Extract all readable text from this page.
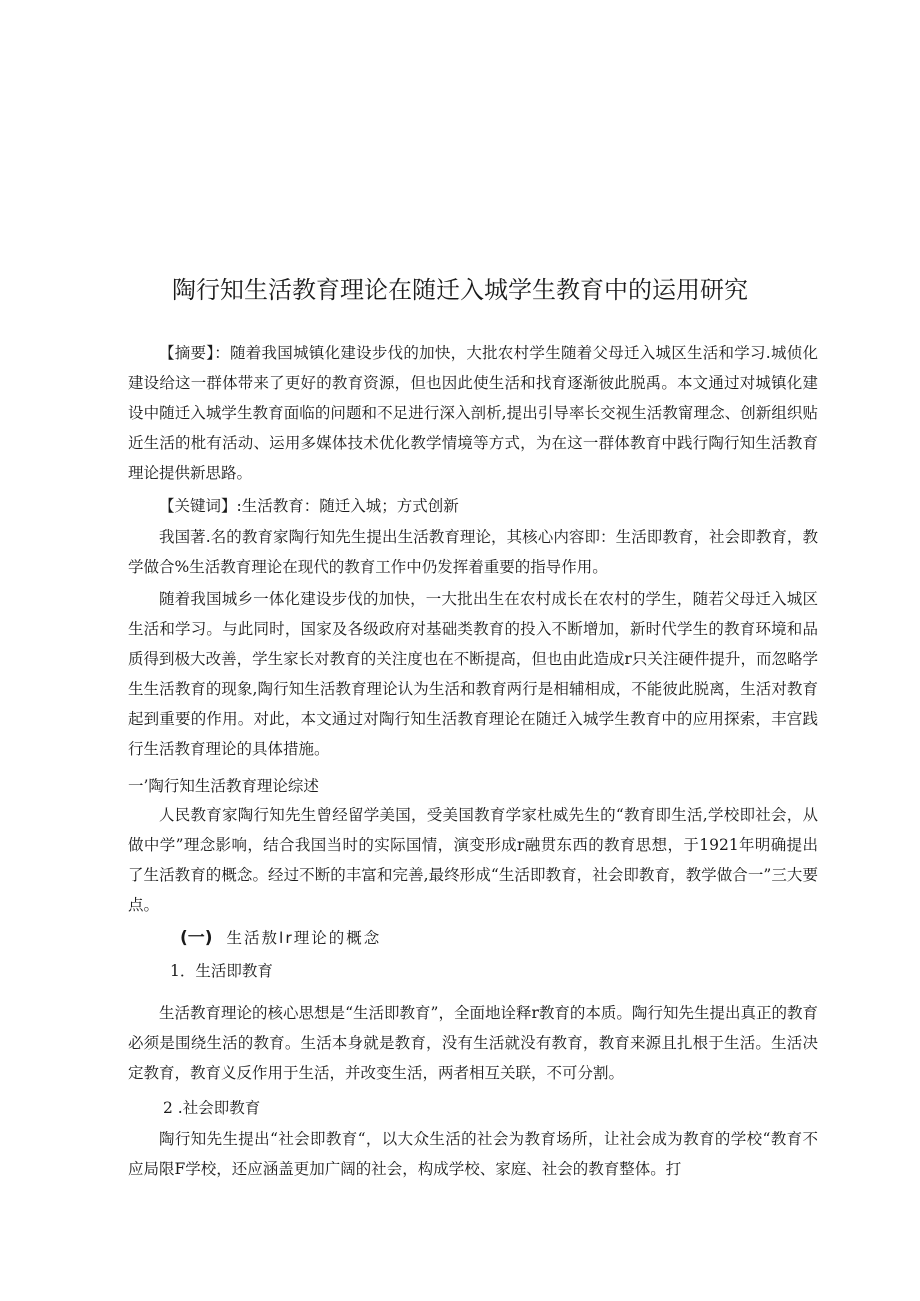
陶行知生活教育理论在随迁入城学生教育中的运用研究

【摘要】：随着我国城镇化建设步伐的加快，大批农村学生随着父母迁入城区生活和学习.城侦化建设给这一群体带来了更好的教育资源，但也因此使生活和找育逐渐彼此脱禹。本文通过对城镇化建设中随迁入城学生教育面临的问题和不足进行深入剖析,提出引导率长交视生活教甯理念、创新组织贴近生活的枇有活动、运用多媒体技术优化教学情境等方式，为在这一群体教育中践行陶行知生活教育理论提供新思路。

【关键词】:生活教育：随迁入城；方式创新

我国著.名的教育家陶行知先生提出生活教育理论，其核心内容即：生活即教育，社会即教育，教学做合%生活教育理论在现代的教育工作中仍发挥着重要的指导作用。

随着我国城乡一体化建设步伐的加快，一大批出生在农村成长在农村的学生，随若父母迁入城区生活和学习。与此同时，国家及各级政府对基础类教育的投入不断增加，新时代学生的教育环境和品质得到极大改善，学生家长对教育的关注度也在不断提高，但也由此造成r只关注硬件提升，而忽略学生生活教育的现象,陶行知生活教育理论认为生活和教育两行是相辅相成，不能彼此脱离，生活对教育起到重要的作用。对此，本文通过对陶行知生活教育理论在随迁入城学生教育中的应用探索，丰宫践行生活教育理论的具体措施。

一’陶行知生活教育理论综述

人民教育家陶行知先生曾经留学美国，受美国教育学家杜威先生的“教育即生活,学校即社会，从做中学”理念影响，结合我国当时的实际国情，演变形成r融贯东西的教育思想，于1921年明确提出了生活教育的概念。经过不断的丰富和完善,最终形成“生活即教育，社会即教育，教学做合一”三大要点。

(一) 生活敖lr理论的概念

1．生活即教育

生活教育理论的核心思想是“生活即教育”，全面地诠释r教育的本质。陶行知先生提出真正的教育必须是围绕生活的教育。生活本身就是教育，没有生活就没有教育，教育来源且扎根于生活。生活决定教育，教育义反作用于生活，并改变生活，两者相互关联，不可分割。

2 .社会即教育

陶行知先生提出“社会即教育“，以大众生活的社会为教育场所，让社会成为教育的学校“教育不应局限F学校，还应涵盖更加广阔的社会，构成学校、家庭、社会的教育整体。打
